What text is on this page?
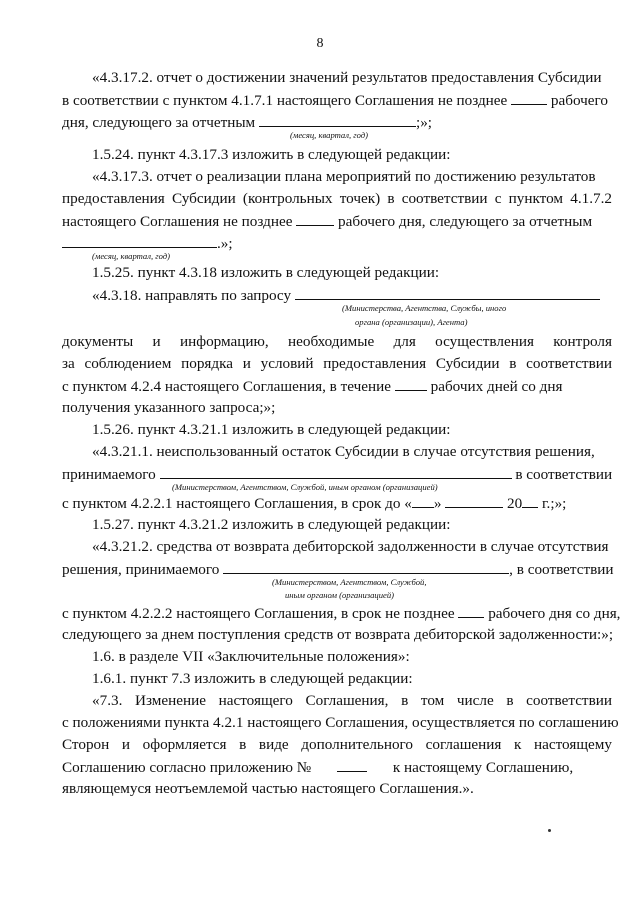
8
«4.3.17.2. отчет о достижении значений результатов предоставления Субсидии
в соответствии с пунктом 4.1.7.1 настоящего Соглашения не позднее	рабочего
дня, следующего за отчетным	;»;
(месяц, квартал, год)
1.5.24. пункт 4.3.17.3 изложить в следующей редакции:
«4.3.17.3. отчет о реализации плана мероприятий по достижению результатов
предоставления Субсидии (контрольных точек) в соответствии с пунктом 4.1.7.2
настоящего Соглашения не позднее	рабочего дня, следующего за отчетным
.»;
(месяц, квартал, год)
1.5.25. пункт 4.3.18 изложить в следующей редакции:
«4.3.18. направлять по запросу
(Министерства, Агентства, Службы, иного
органа (организации), Агента)
документы и информацию, необходимые для осуществления контроля
за соблюдением порядка и условий предоставления Субсидии в соответствии
с пунктом 4.2.4 настоящего Соглашения, в течение	рабочих дней со дня
получения указанного запроса;»;
1.5.26. пункт 4.3.21.1 изложить в следующей редакции:
«4.3.21.1. неиспользованный остаток Субсидии в случае отсутствия решения,
принимаемого	в соответствии
(Министерством, Агентством, Службой, иным органом (организацией)
с пунктом 4.2.2.1 настоящего Соглашения, в срок до « »	20 г.;»;
1.5.27. пункт 4.3.21.2 изложить в следующей редакции:
«4.3.21.2. средства от возврата дебиторской задолженности в случае отсутствия
решения, принимаемого	, в соответствии
(Министерством, Агентством, Службой,
иным органом (организацией)
с пунктом 4.2.2.2 настоящего Соглашения, в срок не позднее рабочего дня со дня,
следующего за днем поступления средств от возврата дебиторской задолженности:»;
1.6. в разделе VII «Заключительные положения»:
1.6.1. пункт 7.3 изложить в следующей редакции:
«7.3. Изменение настоящего Соглашения, в том числе в соответствии
с положениями пункта 4.2.1 настоящего Соглашения, осуществляется по соглашению
Сторон и оформляется в виде дополнительного соглашения к настоящему
Соглашению согласно приложению №	к настоящему Соглашению,
являющемуся неотъемлемой частью настоящего Соглашения.».
